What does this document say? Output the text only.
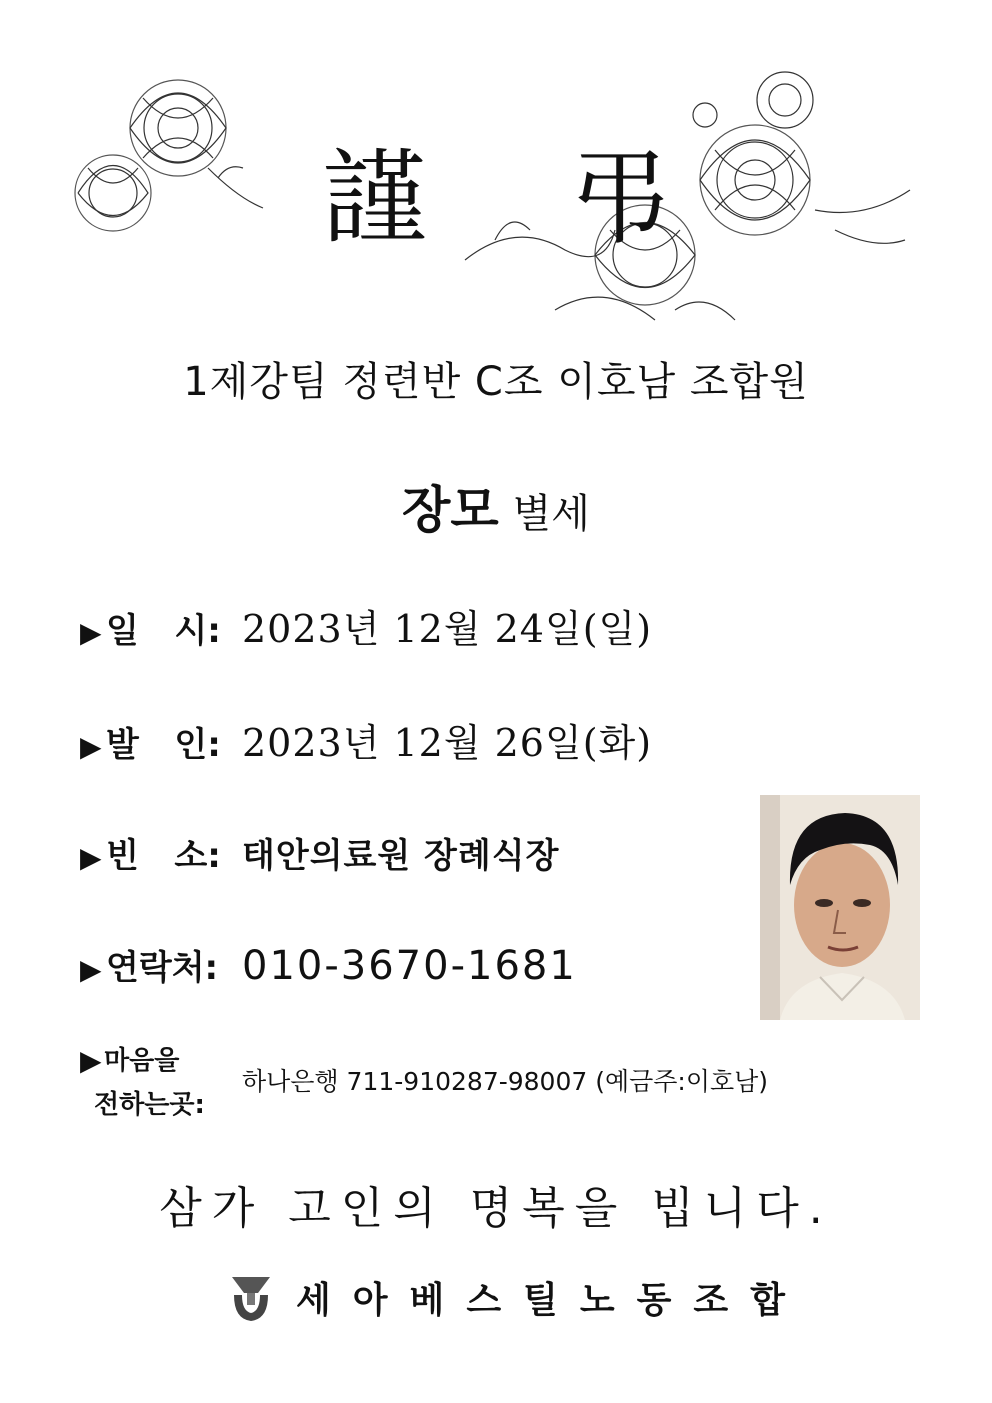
謹 弔
1제강팀 정련반 C조 이호남 조합원
장모 별세
▶ 일   시: 2023년 12월 24일(일)
▶ 발   인: 2023년 12월 26일(화)
▶ 빈   소: 태안의료원 장례식장
▶ 연락처: 010-3670-1681
▶ 마음을
전하는곳:
하나은행 711-910287-98007 (예금주:이호남)
삼가 고인의 명복을 빕니다.
세아베스틸노동조합
